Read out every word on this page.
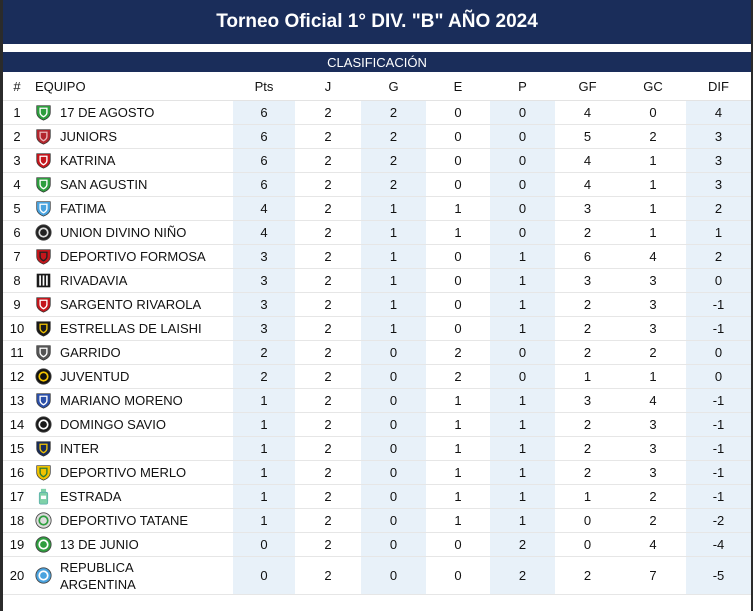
Torneo Oficial 1° DIV. "B" AÑO 2024
CLASIFICACIÓN
#	EQUIPO	Pts	J	G	E	P	GF	GC	DIF
1	17 DE AGOSTO	6	2	2	0	0	4	0	4
2	JUNIORS	6	2	2	0	0	5	2	3
3	KATRINA	6	2	2	0	0	4	1	3
4	SAN AGUSTIN	6	2	2	0	0	4	1	3
5	FATIMA	4	2	1	1	0	3	1	2
6	UNION DIVINO NIÑO	4	2	1	1	0	2	1	1
7	DEPORTIVO FORMOSA	3	2	1	0	1	6	4	2
8	RIVADAVIA	3	2	1	0	1	3	3	0
9	SARGENTO RIVAROLA	3	2	1	0	1	2	3	-1
10	ESTRELLAS DE LAISHI	3	2	1	0	1	2	3	-1
11	GARRIDO	2	2	0	2	0	2	2	0
12	JUVENTUD	2	2	0	2	0	1	1	0
13	MARIANO MORENO	1	2	0	1	1	3	4	-1
14	DOMINGO SAVIO	1	2	0	1	1	2	3	-1
15	INTER	1	2	0	1	1	2	3	-1
16	DEPORTIVO MERLO	1	2	0	1	1	2	3	-1
17	ESTRADA	1	2	0	1	1	1	2	-1
18	DEPORTIVO TATANE	1	2	0	1	1	0	2	-2
19	13 DE JUNIO	0	2	0	0	2	0	4	-4
20	REPUBLICA ARGENTINA	0	2	0	0	2	2	7	-5
